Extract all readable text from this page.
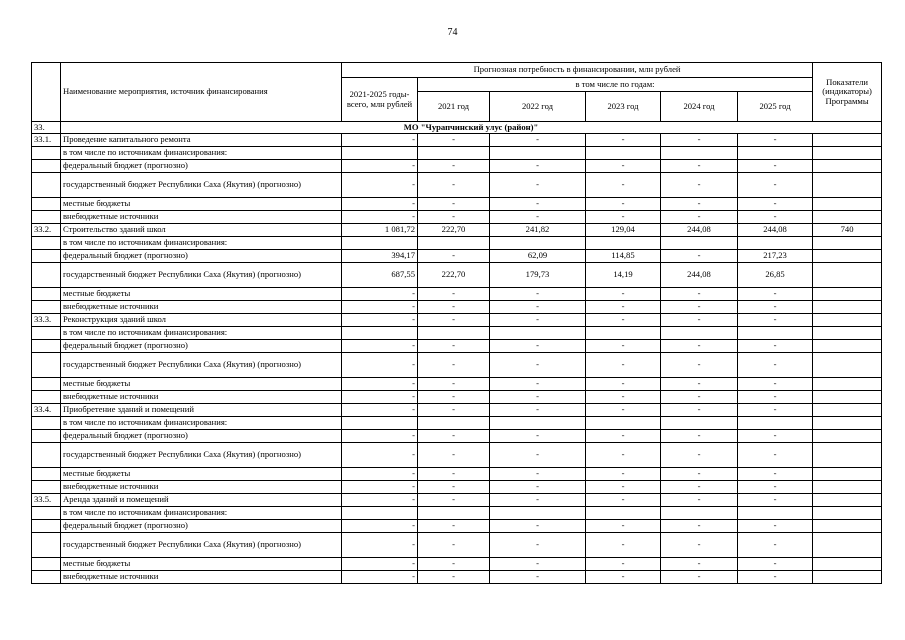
74
	Наименование мероприятия, источник финансирования	Прогнозная потребность в финансировании, млн рублей						Показатели (индикаторы) Программы
		2021-2025 годы- всего, млн рублей	в том числе по годам:					
			2021 год	2022 год	2023 год	2024 год	2025 год	
33.	МО "Чурапчинский улус (район)"							
33.1.	Проведение капитального ремонта	-	-	-	-	-	-	
	в том числе по источникам финансирования:							
	федеральный бюджет (прогнозно)	-	-	-	-	-	-	
	государственный бюджет Республики Саха (Якутия) (прогнозно)	-	-	-	-	-	-	
	местные бюджеты	-	-	-	-	-	-	
	внебюджетные источники	-	-	-	-	-	-	
33.2.	Строительство зданий школ	1 081,72	222,70	241,82	129,04	244,08	244,08	740
	в том числе по источникам финансирования:							
	федеральный бюджет (прогнозно)	394,17	-	62,09	114,85	-	217,23	
	государственный бюджет Республики Саха (Якутия) (прогнозно)	687,55	222,70	179,73	14,19	244,08	26,85	
	местные бюджеты	-	-	-	-	-	-	
	внебюджетные источники	-	-	-	-	-	-	
33.3.	Реконструкция зданий школ	-	-	-	-	-	-	
	в том числе по источникам финансирования:							
	федеральный бюджет (прогнозно)	-	-	-	-	-	-	
	государственный бюджет Республики Саха (Якутия) (прогнозно)	-	-	-	-	-	-	
	местные бюджеты	-	-	-	-	-	-	
	внебюджетные источники	-	-	-	-	-	-	
33.4.	Приобретение зданий и помещений	-	-	-	-	-	-	
	в том числе по источникам финансирования:							
	федеральный бюджет (прогнозно)	-	-	-	-	-	-	
	государственный бюджет Республики Саха (Якутия) (прогнозно)	-	-	-	-	-	-	
	местные бюджеты	-	-	-	-	-	-	
	внебюджетные источники	-	-	-	-	-	-	
33.5.	Аренда зданий и помещений	-	-	-	-	-	-	
	в том числе по источникам финансирования:							
	федеральный бюджет (прогнозно)	-	-	-	-	-	-	
	государственный бюджет Республики Саха (Якутия) (прогнозно)	-	-	-	-	-	-	
	местные бюджеты	-	-	-	-	-	-	
	внебюджетные источники	-	-	-	-	-	-	
